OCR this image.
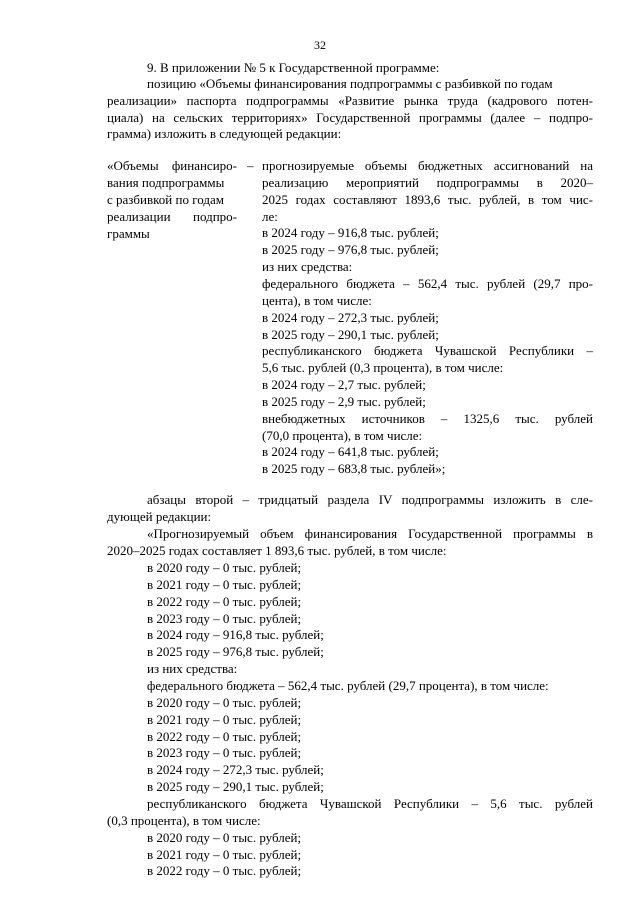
32
9. В приложении № 5 к Государственной программе:
позицию «Объемы финансирования подпрограммы с разбивкой по годам
реализации» паспорта подпрограммы «Развитие рынка труда (кадрового потен-
циала) на сельских территориях» Государственной программы (далее – подпро-
грамма) изложить в следующей редакции:
«Объемы финансиро-
вания подпрограммы
с разбивкой по годам
реализации подпро-
граммы
– прогнозируемые объемы бюджетных ассигнований на
реализацию мероприятий подпрограммы в 2020–
2025 годах составляют 1893,6 тыс. рублей, в том чис-
ле:
в 2024 году – 916,8 тыс. рублей;
в 2025 году – 976,8 тыс. рублей;
из них средства:
федерального бюджета – 562,4 тыс. рублей (29,7 про-
цента), в том числе:
в 2024 году – 272,3 тыс. рублей;
в 2025 году – 290,1 тыс. рублей;
республиканского бюджета Чувашской Республики –
5,6 тыс. рублей (0,3 процента), в том числе:
в 2024 году – 2,7 тыс. рублей;
в 2025 году – 2,9 тыс. рублей;
внебюджетных источников – 1325,6 тыс. рублей
(70,0 процента), в том числе:
в 2024 году – 641,8 тыс. рублей;
в 2025 году – 683,8 тыс. рублей»;
абзацы второй – тридцатый раздела IV подпрограммы изложить в сле-
дующей редакции:
«Прогнозируемый объем финансирования Государственной программы в
2020–2025 годах составляет 1 893,6 тыс. рублей, в том числе:
в 2020 году – 0 тыс. рублей;
в 2021 году – 0 тыс. рублей;
в 2022 году – 0 тыс. рублей;
в 2023 году – 0 тыс. рублей;
в 2024 году – 916,8 тыс. рублей;
в 2025 году – 976,8 тыс. рублей;
из них средства:
федерального бюджета – 562,4 тыс. рублей (29,7 процента), в том числе:
в 2020 году – 0 тыс. рублей;
в 2021 году – 0 тыс. рублей;
в 2022 году – 0 тыс. рублей;
в 2023 году – 0 тыс. рублей;
в 2024 году – 272,3 тыс. рублей;
в 2025 году – 290,1 тыс. рублей;
республиканского бюджета Чувашской Республики – 5,6 тыс. рублей
(0,3 процента), в том числе:
в 2020 году – 0 тыс. рублей;
в 2021 году – 0 тыс. рублей;
в 2022 году – 0 тыс. рублей;
